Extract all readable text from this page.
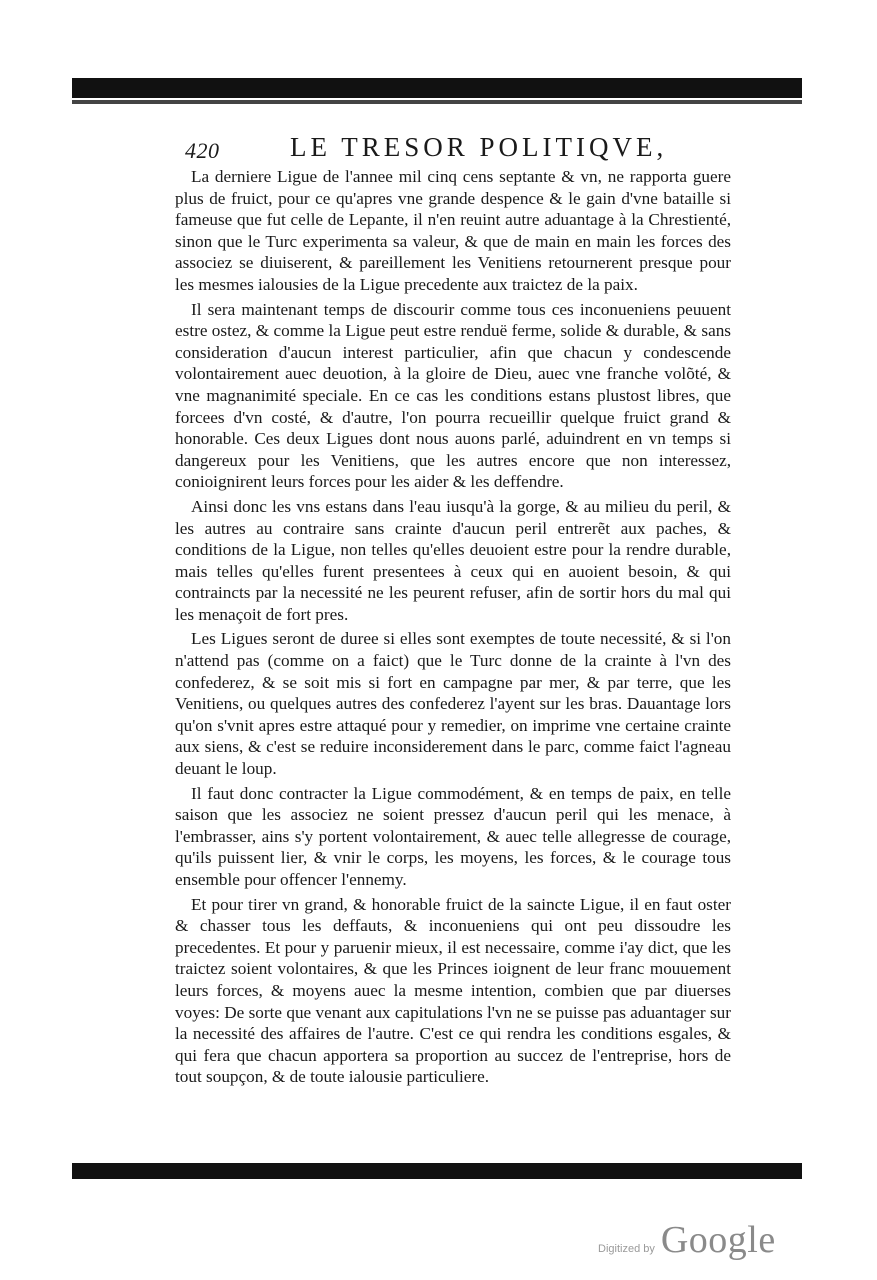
420	LE TRESOR POLITIQVE,

La derniere Ligue de l'annee mil cinq cens septante & vn, ne rapporta guere plus de fruict, pour ce qu'apres vne grande despence & le gain d'vne bataille si fameuse que fut celle de Lepante, il n'en reuint autre aduantage à la Chrestienté, sinon que le Turc experimenta sa valeur, & que de main en main les forces des associez se diuiserent, & pareillement les Venitiens retournerent presque pour les mesmes ialousies de la Ligue precedente aux traictez de la paix.

Il sera maintenant temps de discourir comme tous ces inconueniens peuuent estre ostez, & comme la Ligue peut estre renduë ferme, solide & durable, & sans consideration d'aucun interest particulier, afin que chacun y condescende volontairement auec deuotion, à la gloire de Dieu, auec vne franche volõté, & vne magnanimité speciale. En ce cas les conditions estans plustost libres, que forcees d'vn costé, & d'autre, l'on pourra recueillir quelque fruict grand & honorable. Ces deux Ligues dont nous auons parlé, aduindrent en vn temps si dangereux pour les Venitiens, que les autres encore que non interessez, conioignirent leurs forces pour les aider & les deffendre.

Ainsi donc les vns estans dans l'eau iusqu'à la gorge, & au milieu du peril, & les autres au contraire sans crainte d'aucun peril entrerẽt aux paches, & conditions de la Ligue, non telles qu'elles deuoient estre pour la rendre durable, mais telles qu'elles furent presentees à ceux qui en auoient besoin, & qui contraincts par la necessité ne les peurent refuser, afin de sortir hors du mal qui les menaçoit de fort pres.

Les Ligues seront de duree si elles sont exemptes de toute necessité, & si l'on n'attend pas (comme on a faict) que le Turc donne de la crainte à l'vn des confederez, & se soit mis si fort en campagne par mer, & par terre, que les Venitiens, ou quelques autres des confederez l'ayent sur les bras. Dauantage lors qu'on s'vnit apres estre attaqué pour y remedier, on imprime vne certaine crainte aux siens, & c'est se reduire inconsiderement dans le parc, comme faict l'agneau deuant le loup.

Il faut donc contracter la Ligue commodément, & en temps de paix, en telle saison que les associez ne soient pressez d'aucun peril qui les menace, à l'embrasser, ains s'y portent volontairement, & auec telle allegresse de courage, qu'ils puissent lier, & vnir le corps, les moyens, les forces, & le courage tous ensemble pour offencer l'ennemy.

Et pour tirer vn grand, & honorable fruict de la saincte Ligue, il en faut oster & chasser tous les deffauts, & inconueniens qui ont peu dissoudre les precedentes. Et pour y paruenir mieux, il est necessaire, comme i'ay dict, que les traictez soient volontaires, & que les Princes ioignent de leur franc mouuement leurs forces, & moyens auec la mesme intention, combien que par diuerses voyes: De sorte que venant aux capitulations l'vn ne se puisse pas aduantager sur la necessité des affaires de l'autre. C'est ce qui rendra les conditions esgales, & qui fera que chacun apportera sa proportion au succez de l'entreprise, hors de tout soupçon, & de toute ialousie particuliere.

Digitized by Google
